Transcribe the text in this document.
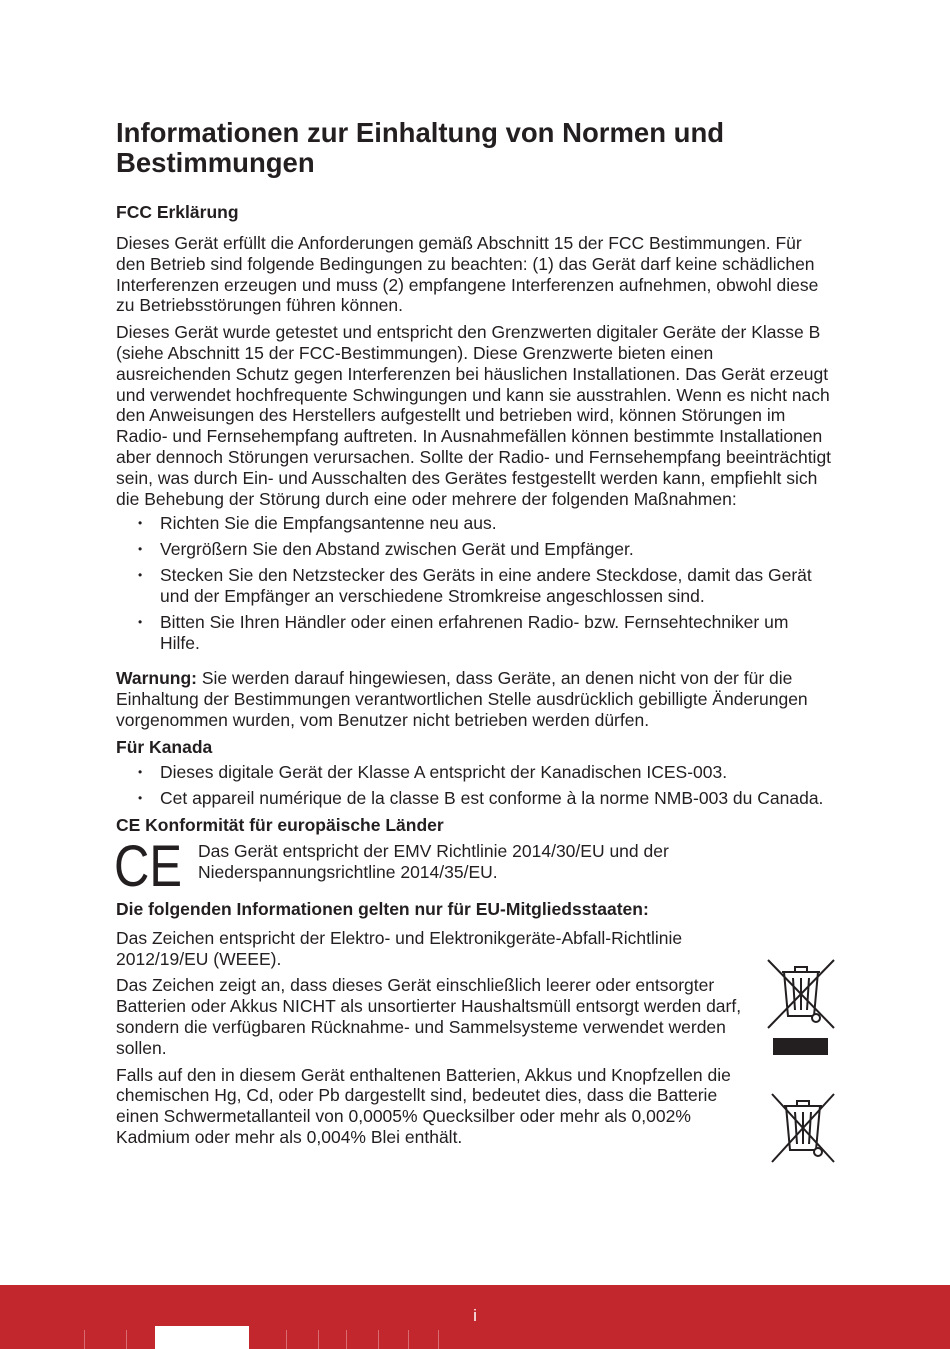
Informationen zur Einhaltung von Normen und Bestimmungen

FCC Erklärung

Dieses Gerät erfüllt die Anforderungen gemäß Abschnitt 15 der FCC Bestimmungen. Für den Betrieb sind folgende Bedingungen zu beachten: (1) das Gerät darf keine schädlichen Interferenzen erzeugen und muss (2) empfangene Interferenzen aufnehmen, obwohl diese zu Betriebsstörungen führen können.

Dieses Gerät wurde getestet und entspricht den Grenzwerten digitaler Geräte der Klasse B (siehe Abschnitt 15 der FCC-Bestimmungen). Diese Grenzwerte bieten einen ausreichenden Schutz gegen Interferenzen bei häuslichen Installationen. Das Gerät erzeugt und verwendet hochfrequente Schwingungen und kann sie ausstrahlen. Wenn es nicht nach den Anweisungen des Herstellers aufgestellt und betrieben wird, können Störungen im Radio- und Fernsehempfang auftreten. In Ausnahmefällen können bestimmte Installationen aber dennoch Störungen verursachen. Sollte der Radio- und Fernsehempfang beeinträchtigt sein, was durch Ein- und Ausschalten des Gerätes festgestellt werden kann, empfiehlt sich die Behebung der Störung durch eine oder mehrere der folgenden Maßnahmen:

• Richten Sie die Empfangsantenne neu aus.
• Vergrößern Sie den Abstand zwischen Gerät und Empfänger.
• Stecken Sie den Netzstecker des Geräts in eine andere Steckdose, damit das Gerät und der Empfänger an verschiedene Stromkreise angeschlossen sind.
• Bitten Sie Ihren Händler oder einen erfahrenen Radio- bzw. Fernsehtechniker um Hilfe.

Warnung: Sie werden darauf hingewiesen, dass Geräte, an denen nicht von der für die Einhaltung der Bestimmungen verantwortlichen Stelle ausdrücklich gebilligte Änderungen vorgenommen wurden, vom Benutzer nicht betrieben werden dürfen.

Für Kanada

• Dieses digitale Gerät der Klasse A entspricht der Kanadischen ICES-003.
• Cet appareil numérique de la classe B est conforme à la norme NMB-003 du Canada.

CE Konformität für europäische Länder

CE Das Gerät entspricht der EMV Richtlinie 2014/30/EU und der Niederspannungsrichtline 2014/35/EU.

Die folgenden Informationen gelten nur für EU-Mitgliedsstaaten:

Das Zeichen entspricht der Elektro- und Elektronikgeräte-Abfall-Richtlinie 2012/19/EU (WEEE).

Das Zeichen zeigt an, dass dieses Gerät einschließlich leerer oder entsorgter Batterien oder Akkus NICHT als unsortierter Haushaltsmüll entsorgt werden darf, sondern die verfügbaren Rücknahme- und Sammelsysteme verwendet werden sollen.

Falls auf den in diesem Gerät enthaltenen Batterien, Akkus und Knopfzellen die chemischen Hg, Cd, oder Pb dargestellt sind, bedeutet dies, dass die Batterie einen Schwermetallanteil von 0,0005% Quecksilber oder mehr als 0,002% Kadmium oder mehr als 0,004% Blei enthält.

i
